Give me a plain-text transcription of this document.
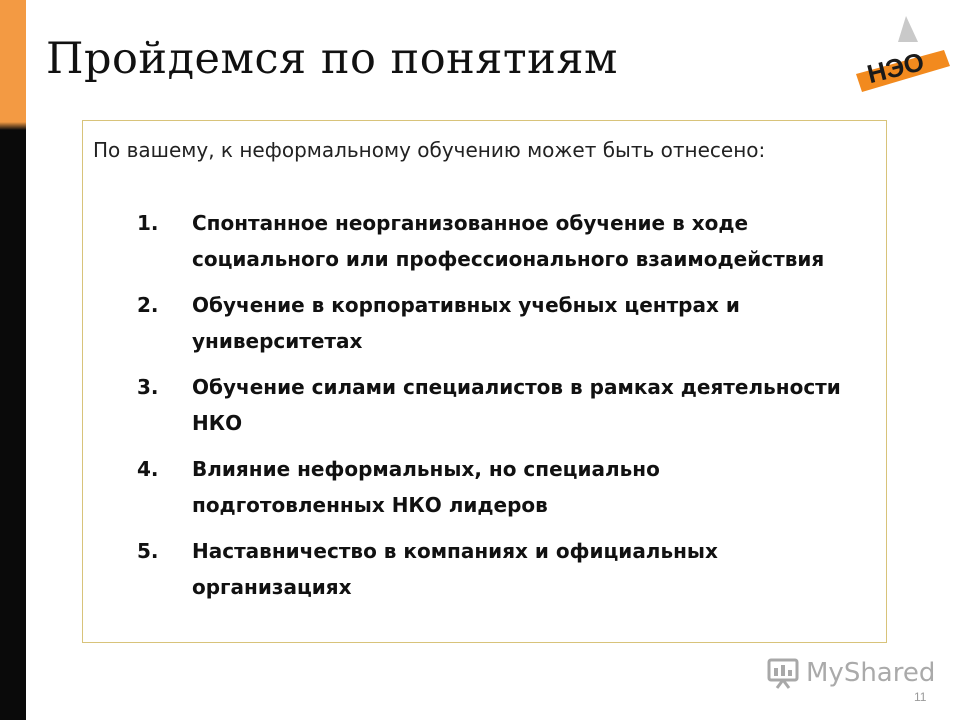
Пройдемся по понятиям	НЭО

По вашему, к неформальному обучению может быть отнесено:

1.	Спонтанное неорганизованное обучение в ходе социального или профессионального взаимодействия
2.	Обучение в корпоративных учебных центрах и университетах
3.	Обучение силами специалистов в рамках деятельности НКО
4.	Влияние неформальных, но специально подготовленных НКО лидеров
5.	Наставничество в компаниях и официальных организациях
MyShared
11
